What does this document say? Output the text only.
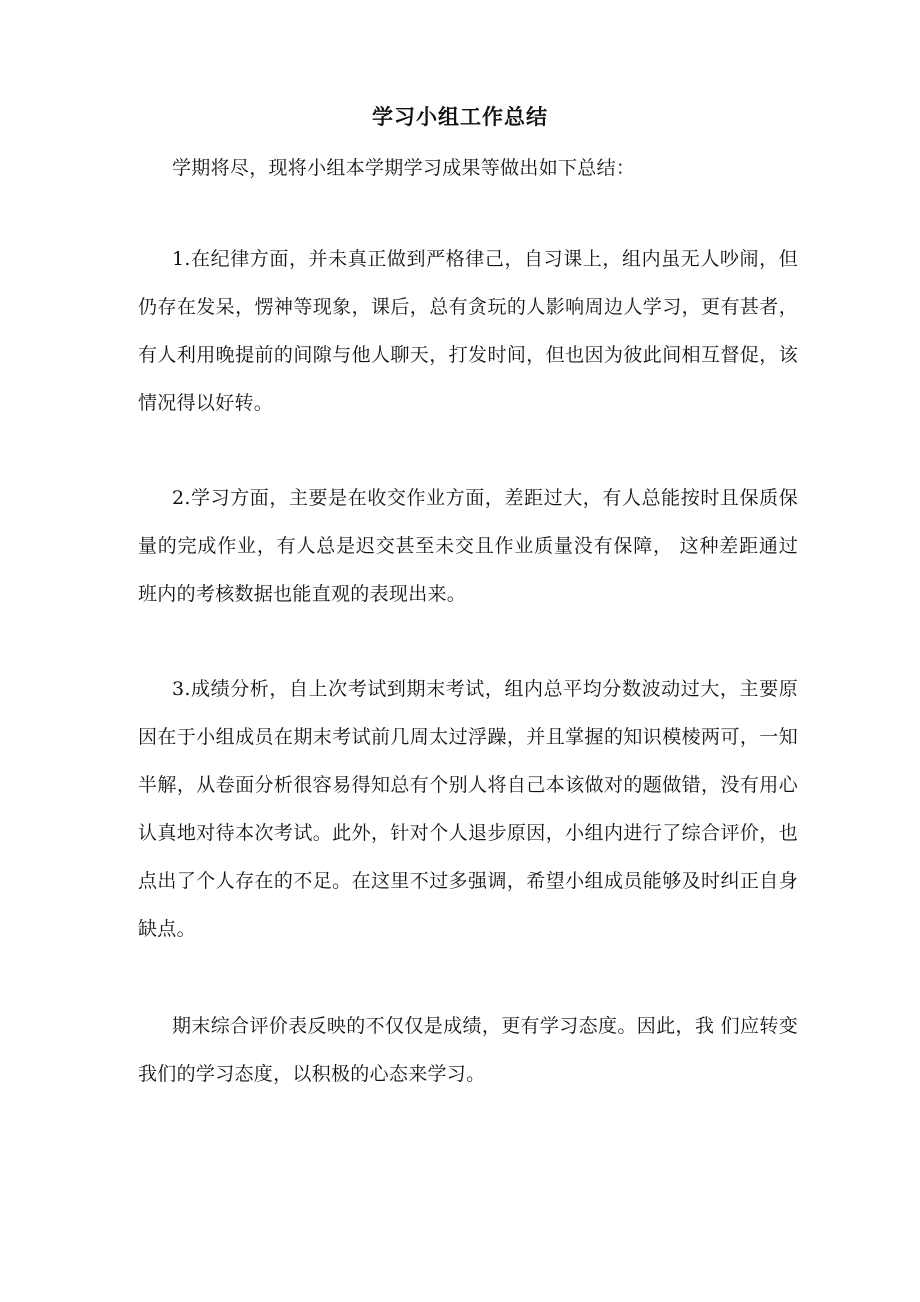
学习小组工作总结

学期将尽，现将小组本学期学习成果等做出如下总结：

1.在纪律方面，并未真正做到严格律己，自习课上，组内虽无人吵闹，但仍存在发呆，愣神等现象，课后，总有贪玩的人影响周边人学习，更有甚者，有人利用晚提前的间隙与他人聊天，打发时间，但也因为彼此间相互督促，该情况得以好转。

2.学习方面，主要是在收交作业方面，差距过大，有人总能按时且保质保量的完成作业，有人总是迟交甚至未交且作业质量没有保障， 这种差距通过班内的考核数据也能直观的表现出来。

3.成绩分析，自上次考试到期末考试，组内总平均分数波动过大，主要原因在于小组成员在期末考试前几周太过浮躁，并且掌握的知识模棱两可，一知半解，从卷面分析很容易得知总有个别人将自己本该做对的题做错，没有用心认真地对待本次考试。此外，针对个人退步原因，小组内进行了综合评价，也点出了个人存在的不足。在这里不过多强调，希望小组成员能够及时纠正自身缺点。

期末综合评价表反映的不仅仅是成绩，更有学习态度。因此，我 们应转变我们的学习态度，以积极的心态来学习。
